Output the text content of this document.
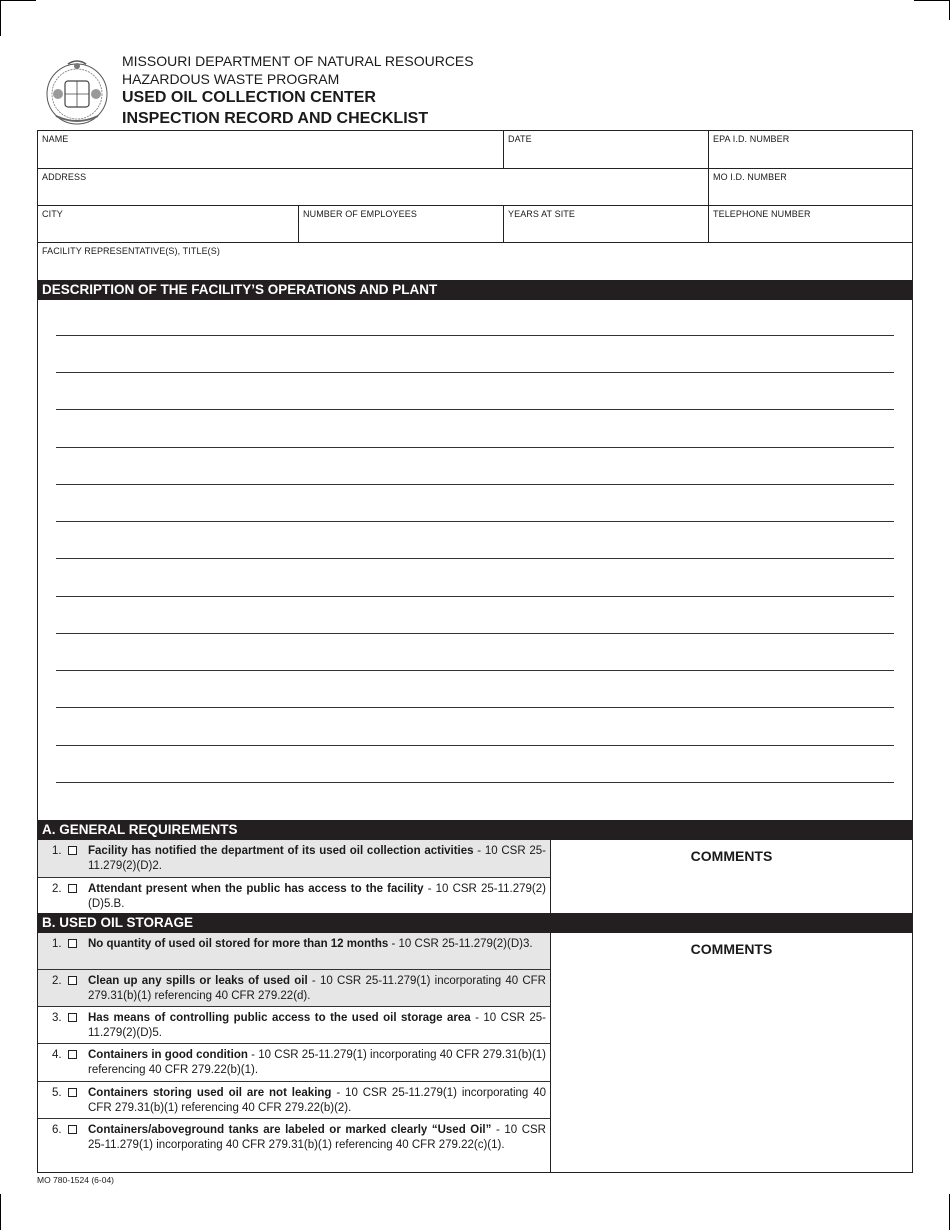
MISSOURI DEPARTMENT OF NATURAL RESOURCES
HAZARDOUS WASTE PROGRAM
USED OIL COLLECTION CENTER
INSPECTION RECORD AND CHECKLIST
NAME	DATE	EPA I.D. NUMBER
ADDRESS	MO I.D. NUMBER
CITY	NUMBER OF EMPLOYEES	YEARS AT SITE	TELEPHONE NUMBER
FACILITY REPRESENTATIVE(S), TITLE(S)
DESCRIPTION OF THE FACILITY’S OPERATIONS AND PLANT
A. GENERAL REQUIREMENTS
1. Facility has notified the department of its used oil collection activities - 10 CSR 25-11.279(2)(D)2.
2. Attendant present when the public has access to the facility - 10 CSR 25-11.279(2)(D)5.B.
COMMENTS
B. USED OIL STORAGE
1. No quantity of used oil stored for more than 12 months - 10 CSR 25-11.279(2)(D)3.
2. Clean up any spills or leaks of used oil - 10 CSR 25-11.279(1) incorporating 40 CFR 279.31(b)(1) referencing 40 CFR 279.22(d).
3. Has means of controlling public access to the used oil storage area - 10 CSR 25-11.279(2)(D)5.
4. Containers in good condition - 10 CSR 25-11.279(1) incorporating 40 CFR 279.31(b)(1) referencing 40 CFR 279.22(b)(1).
5. Containers storing used oil are not leaking - 10 CSR 25-11.279(1) incorporating 40 CFR 279.31(b)(1) referencing 40 CFR 279.22(b)(2).
6. Containers/aboveground tanks are labeled or marked clearly “Used Oil” - 10 CSR 25-11.279(1) incorporating 40 CFR 279.31(b)(1) referencing 40 CFR 279.22(c)(1).
COMMENTS
MO 780-1524 (6-04)
